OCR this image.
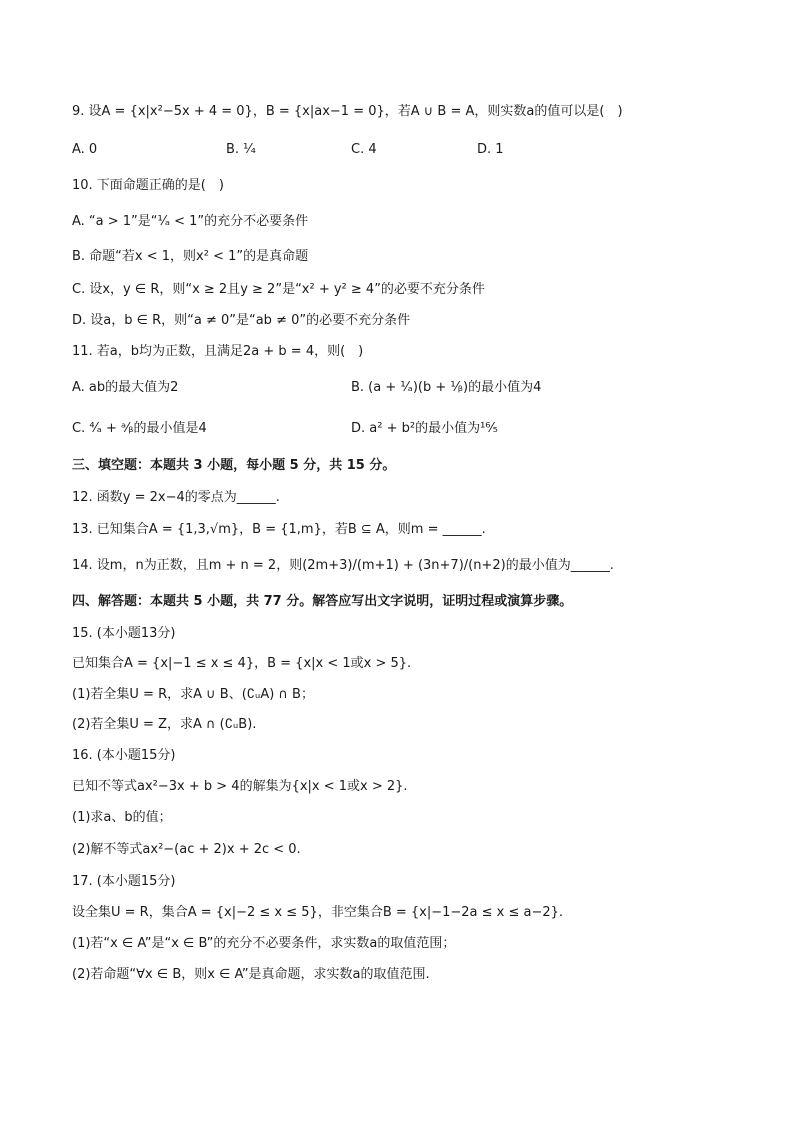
9. 设A = {x|x²−5x + 4 = 0}，B = {x|ax−1 = 0}，若A ∪ B = A，则实数a的值可以是(　)
A. 0	B. ¹⁄₄	C. 4	D. 1
10. 下面命题正确的是(　)
A. “a > 1”是“¹⁄ₐ < 1”的充分不必要条件
B. 命题“若x < 1，则x² < 1”的是真命题
C. 设x，y ∈ R，则“x ≥ 2且y ≥ 2”是“x² + y² ≥ 4”的必要不充分条件
D. 设a，b ∈ R，则“a ≠ 0”是“ab ≠ 0”的必要不充分条件
11. 若a，b均为正数，且满足2a + b = 4，则(　)
A. ab的最大值为2	B. (a + ¹⁄ₐ)(b + ¹⁄ᵦ)的最小值为4
C. ⁴⁄ₐ + ᵃ⁄ᵦ的最小值是4	D. a² + b²的最小值为¹⁶⁄₅
三、填空题：本题共 3 小题，每小题 5 分，共 15 分。
12. 函数y = 2x−4的零点为______.
13. 已知集合A = {1,3,√m}，B = {1,m}，若B ⊆ A，则m = ______.
14. 设m，n为正数，且m + n = 2，则(2m+3)/(m+1) + (3n+7)/(n+2)的最小值为______.
四、解答题：本题共 5 小题，共 77 分。解答应写出文字说明，证明过程或演算步骤。
15. (本小题13分)
已知集合A = {x|−1 ≤ x ≤ 4}，B = {x|x < 1或x > 5}.
(1)若全集U = R，求A ∪ B、(∁ᵤA) ∩ B；
(2)若全集U = Z，求A ∩ (∁ᵤB).
16. (本小题15分)
已知不等式ax²−3x + b > 4的解集为{x|x < 1或x > 2}.
(1)求a、b的值；
(2)解不等式ax²−(ac + 2)x + 2c < 0.
17. (本小题15分)
设全集U = R，集合A = {x|−2 ≤ x ≤ 5}，非空集合B = {x|−1−2a ≤ x ≤ a−2}.
(1)若“x ∈ A”是“x ∈ B”的充分不必要条件，求实数a的取值范围；
(2)若命题“∀x ∈ B，则x ∈ A”是真命题，求实数a的取值范围.
